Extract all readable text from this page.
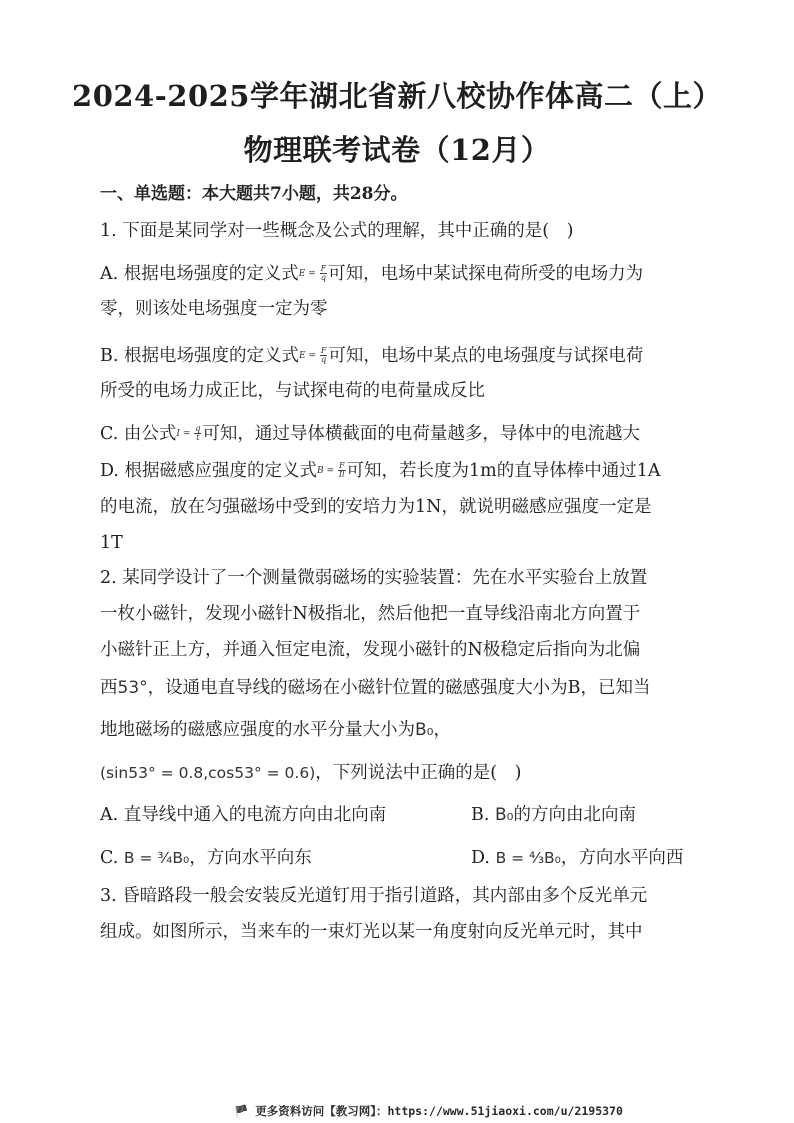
2024-2025学年湖北省新八校协作体高二（上）
物理联考试卷（12月）
一、单选题：本大题共7小题，共28分。
1. 下面是某同学对一些概念及公式的理解，其中正确的是(　)
A. 根据电场强度的定义式$E = \frac{F}{q}$ 可知，电场中某试探电荷所受的电场力为
零，则该处电场强度一定为零
B. 根据电场强度的定义式$E = \frac{F}{q}$ 可知，电场中某点的电场强度与试探电荷
所受的电场力成正比，与试探电荷的电荷量成反比
C. 由公式$I = \frac{q}{t}$ 可知，通过导体横截面的电荷量越多，导体中的电流越大
D. 根据磁感应强度的定义式$B = \frac{F}{Il}$ 可知，若长度为1m的直导体棒中通过1A
的电流，放在匀强磁场中受到的安培力为1N，就说明磁感应强度一定是
1T
2. 某同学设计了一个测量微弱磁场的实验装置：先在水平实验台上放置
一枚小磁针，发现小磁针N极指北，然后他把一直导线沿南北方向置于
小磁针正上方，并通入恒定电流，发现小磁针的N极稳定后指向为北偏
西53°，设通电直导线的磁场在小磁针位置的磁感强度大小为B，已知当
地地磁场的磁感应强度的水平分量大小为B₀，
(sin53° = 0.8,cos53° = 0.6)，下列说法中正确的是(　)
A. 直导线中通入的电流方向由北向南	B. B₀的方向由北向南
C. B = ¾B₀，方向水平向东	D. B = ⁴⁄₃B₀，方向水平向西
3. 昏暗路段一般会安装反光道钉用于指引道路，其内部由多个反光单元
组成。如图所示，当来车的一束灯光以某一角度射向反光单元时，其中
🏴 更多资料访问【教习网】：https://www.51jiaoxi.com/u/2195370
